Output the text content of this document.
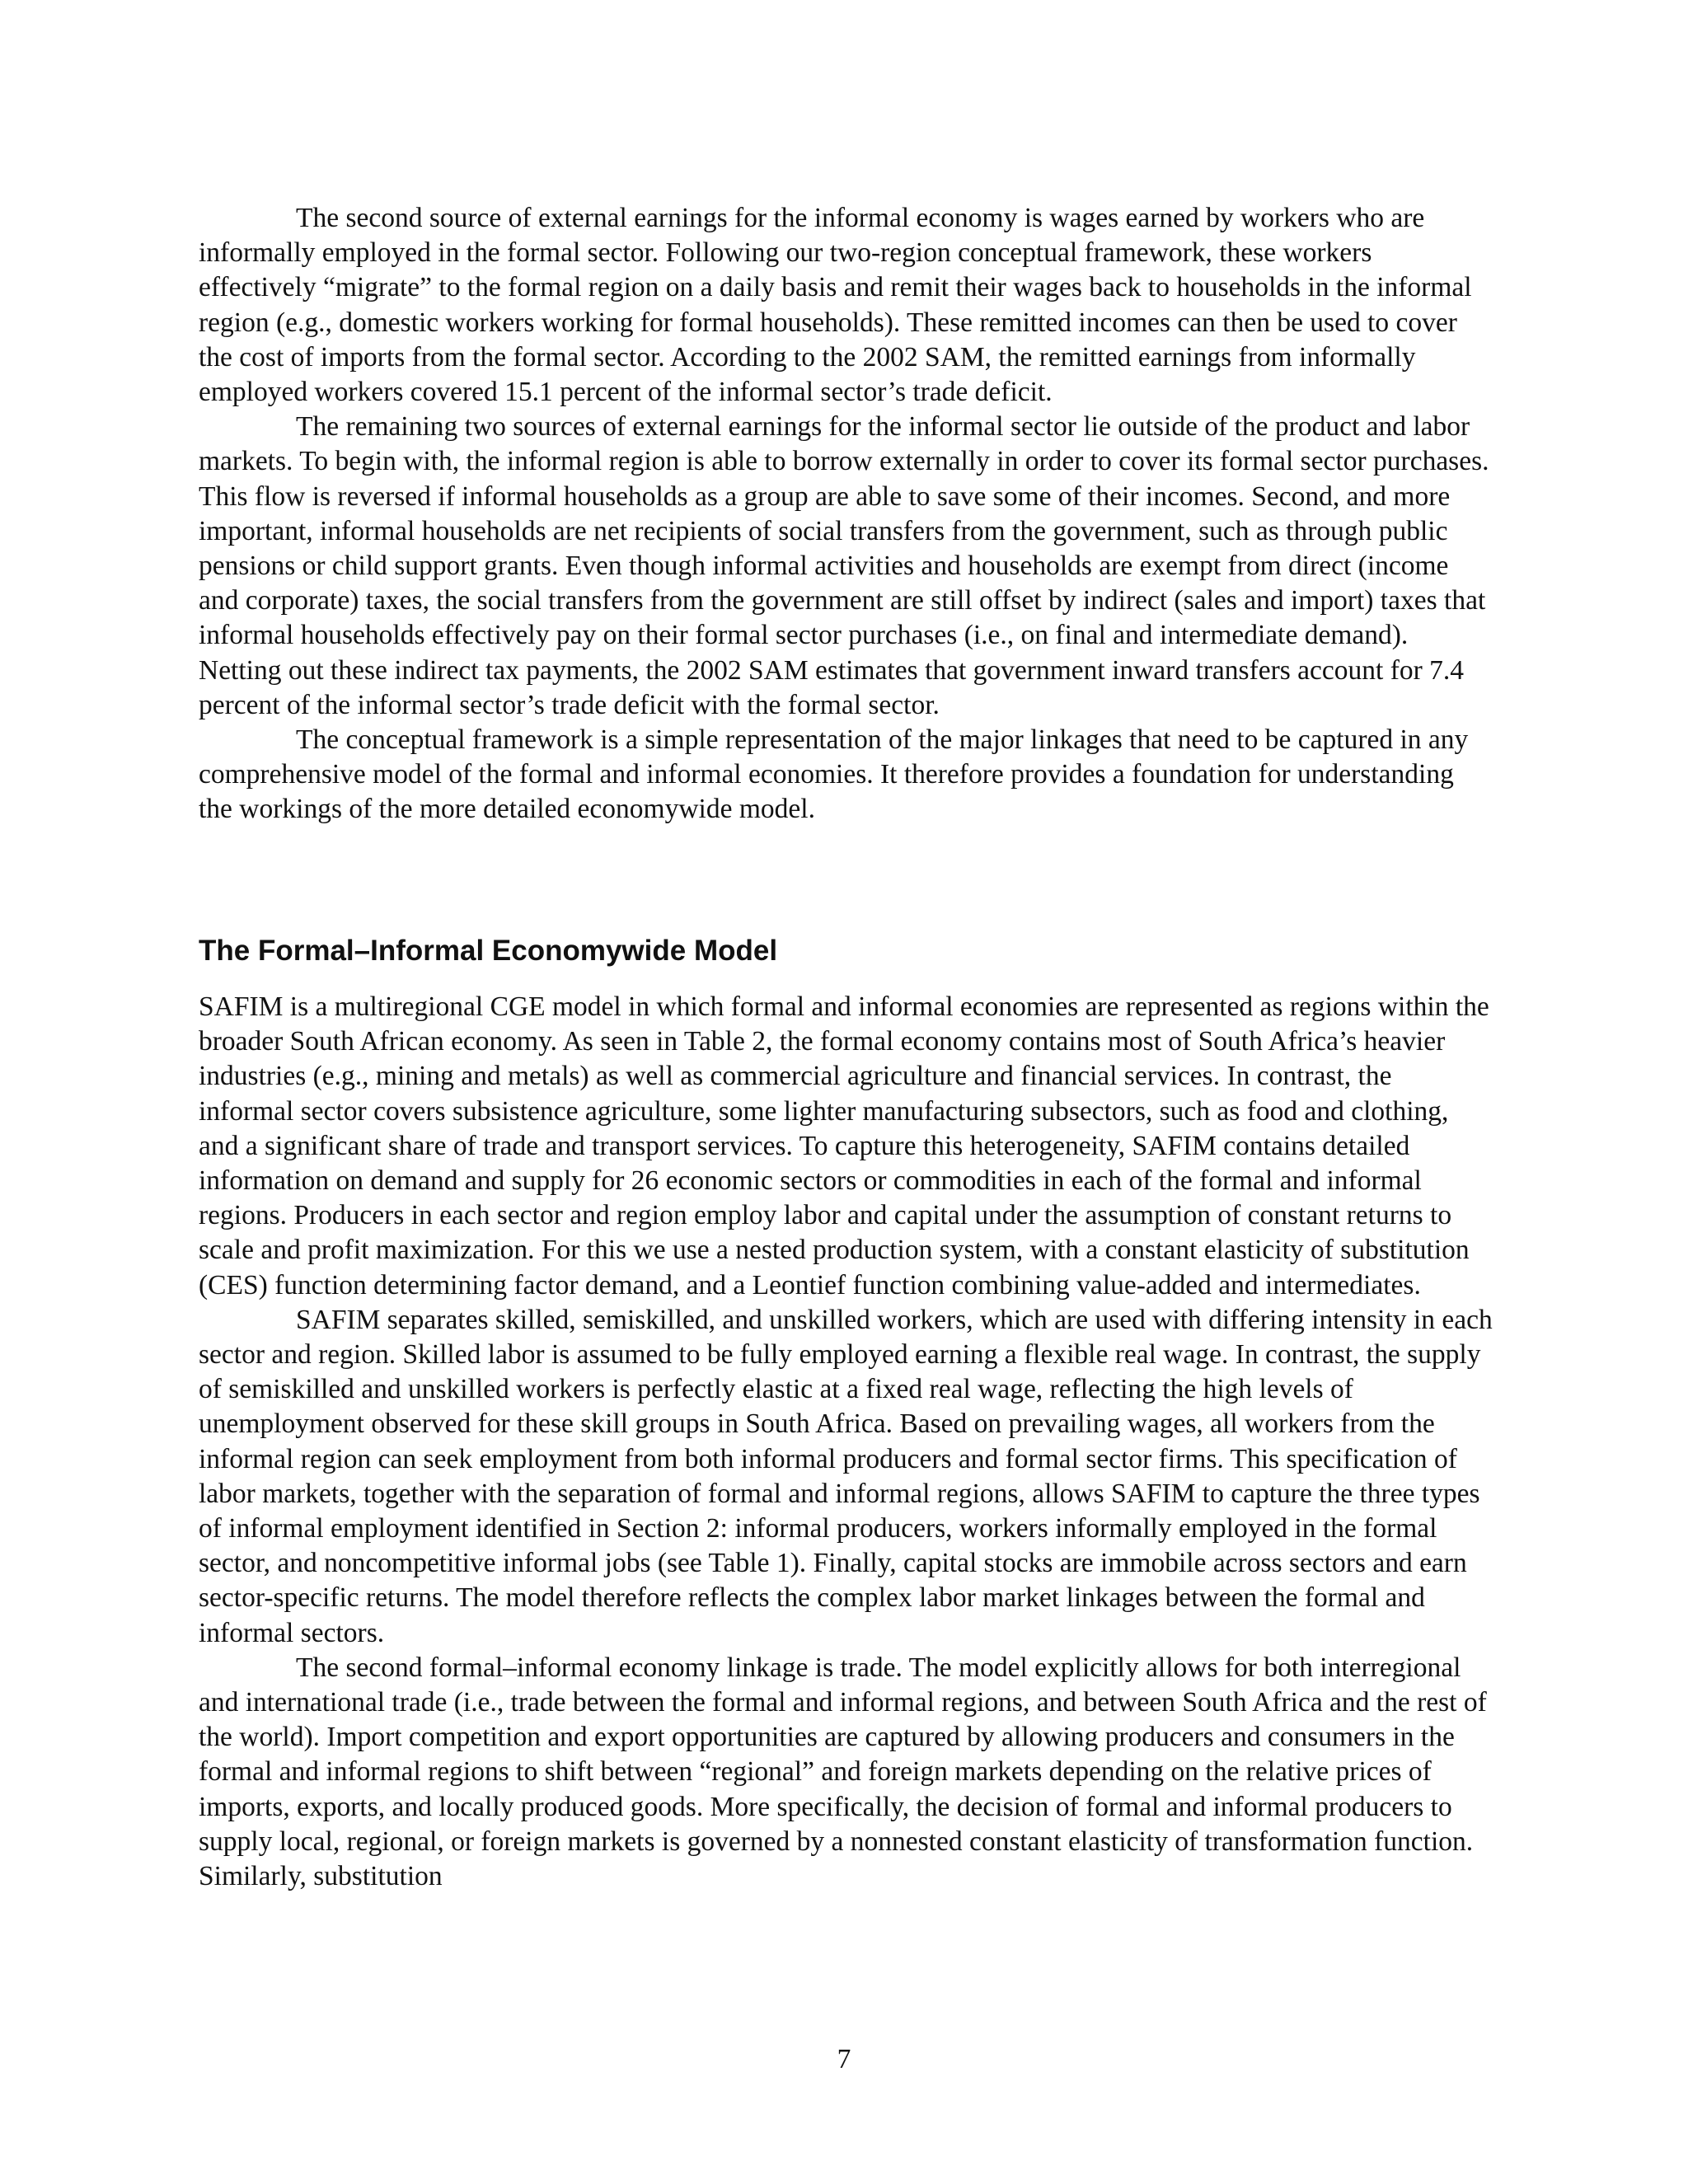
The second source of external earnings for the informal economy is wages earned by workers who are informally employed in the formal sector. Following our two-region conceptual framework, these workers effectively “migrate” to the formal region on a daily basis and remit their wages back to households in the informal region (e.g., domestic workers working for formal households). These remitted incomes can then be used to cover the cost of imports from the formal sector. According to the 2002 SAM, the remitted earnings from informally employed workers covered 15.1 percent of the informal sector’s trade deficit.

The remaining two sources of external earnings for the informal sector lie outside of the product and labor markets. To begin with, the informal region is able to borrow externally in order to cover its formal sector purchases. This flow is reversed if informal households as a group are able to save some of their incomes. Second, and more important, informal households are net recipients of social transfers from the government, such as through public pensions or child support grants. Even though informal activities and households are exempt from direct (income and corporate) taxes, the social transfers from the government are still offset by indirect (sales and import) taxes that informal households effectively pay on their formal sector purchases (i.e., on final and intermediate demand). Netting out these indirect tax payments, the 2002 SAM estimates that government inward transfers account for 7.4 percent of the informal sector’s trade deficit with the formal sector.

The conceptual framework is a simple representation of the major linkages that need to be captured in any comprehensive model of the formal and informal economies. It therefore provides a foundation for understanding the workings of the more detailed economywide model.

The Formal–Informal Economywide Model

SAFIM is a multiregional CGE model in which formal and informal economies are represented as regions within the broader South African economy. As seen in Table 2, the formal economy contains most of South Africa’s heavier industries (e.g., mining and metals) as well as commercial agriculture and financial services. In contrast, the informal sector covers subsistence agriculture, some lighter manufacturing subsectors, such as food and clothing, and a significant share of trade and transport services. To capture this heterogeneity, SAFIM contains detailed information on demand and supply for 26 economic sectors or commodities in each of the formal and informal regions. Producers in each sector and region employ labor and capital under the assumption of constant returns to scale and profit maximization. For this we use a nested production system, with a constant elasticity of substitution (CES) function determining factor demand, and a Leontief function combining value-added and intermediates.

SAFIM separates skilled, semiskilled, and unskilled workers, which are used with differing intensity in each sector and region. Skilled labor is assumed to be fully employed earning a flexible real wage. In contrast, the supply of semiskilled and unskilled workers is perfectly elastic at a fixed real wage, reflecting the high levels of unemployment observed for these skill groups in South Africa. Based on prevailing wages, all workers from the informal region can seek employment from both informal producers and formal sector firms. This specification of labor markets, together with the separation of formal and informal regions, allows SAFIM to capture the three types of informal employment identified in Section 2: informal producers, workers informally employed in the formal sector, and noncompetitive informal jobs (see Table 1). Finally, capital stocks are immobile across sectors and earn sector-specific returns. The model therefore reflects the complex labor market linkages between the formal and informal sectors.

The second formal–informal economy linkage is trade. The model explicitly allows for both interregional and international trade (i.e., trade between the formal and informal regions, and between South Africa and the rest of the world). Import competition and export opportunities are captured by allowing producers and consumers in the formal and informal regions to shift between “regional” and foreign markets depending on the relative prices of imports, exports, and locally produced goods. More specifically, the decision of formal and informal producers to supply local, regional, or foreign markets is governed by a nonnested constant elasticity of transformation function. Similarly, substitution

7
